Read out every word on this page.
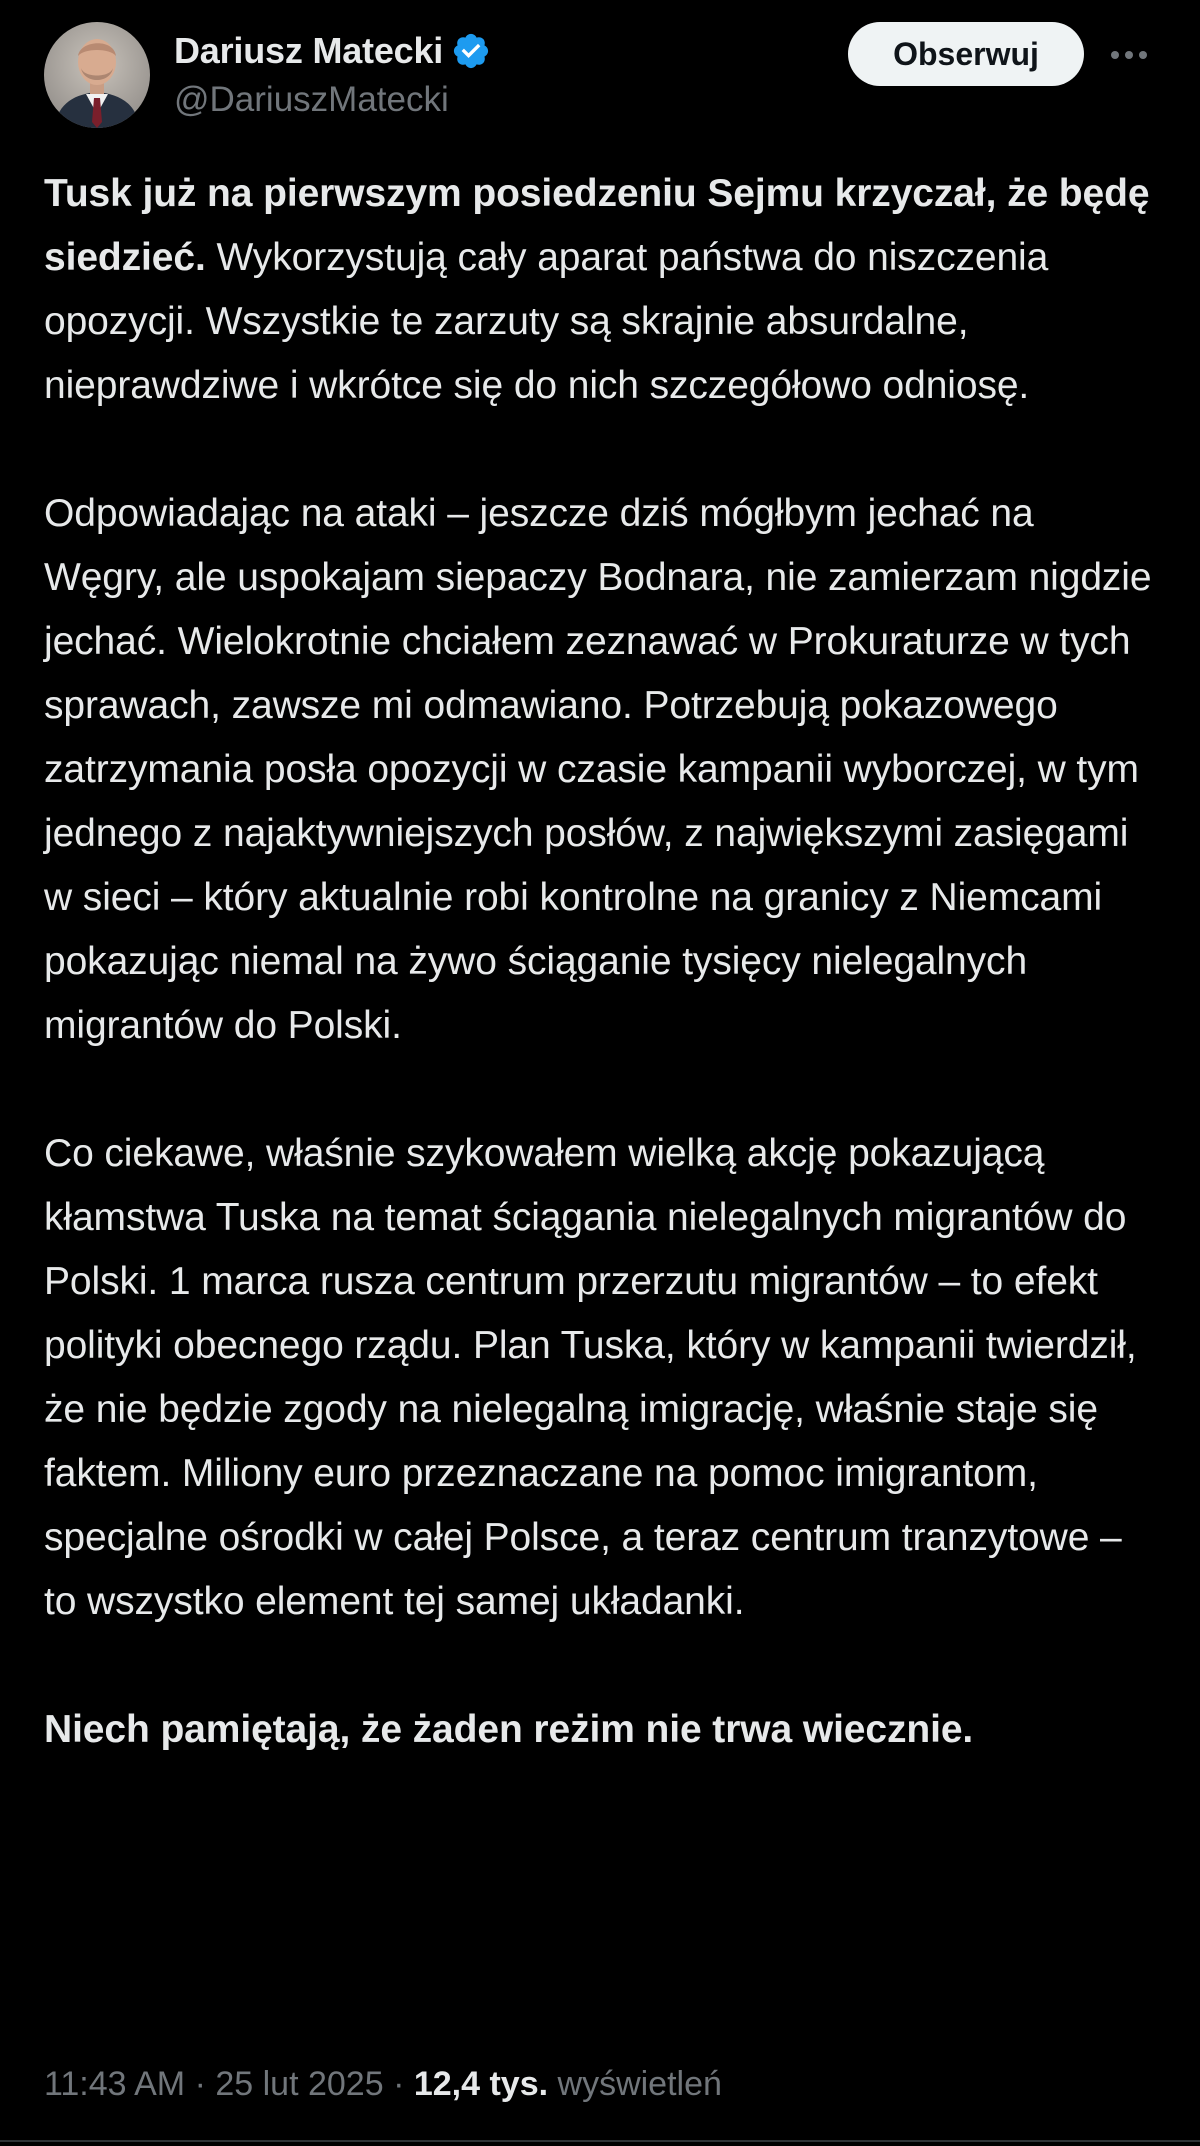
Dariusz Matecki
@DariuszMatecki
Obserwuj

Tusk już na pierwszym posiedzeniu Sejmu krzyczał, że będę siedzieć. Wykorzystują cały aparat państwa do niszczenia opozycji. Wszystkie te zarzuty są skrajnie absurdalne, nieprawdziwe i wkrótce się do nich szczegółowo odniosę.

Odpowiadając na ataki – jeszcze dziś mógłbym jechać na Węgry, ale uspokajam siepaczy Bodnara, nie zamierzam nigdzie jechać. Wielokrotnie chciałem zeznawać w Prokuraturze w tych sprawach, zawsze mi odmawiano. Potrzebują pokazowego zatrzymania posła opozycji w czasie kampanii wyborczej, w tym jednego z najaktywniejszych posłów, z największymi zasięgami w sieci – który aktualnie robi kontrolne na granicy z Niemcami pokazując niemal na żywo ściąganie tysięcy nielegalnych migrantów do Polski.

Co ciekawe, właśnie szykowałem wielką akcję pokazującą kłamstwa Tuska na temat ściągania nielegalnych migrantów do Polski. 1 marca rusza centrum przerzutu migrantów – to efekt polityki obecnego rządu. Plan Tuska, który w kampanii twierdził, że nie będzie zgody na nielegalną imigrację, właśnie staje się faktem. Miliony euro przeznaczane na pomoc imigrantom, specjalne ośrodki w całej Polsce, a teraz centrum tranzytowe – to wszystko element tej samej układanki.

Niech pamiętają, że żaden reżim nie trwa wiecznie.

11:43 AM · 25 lut 2025 · 12,4 tys. wyświetleń
